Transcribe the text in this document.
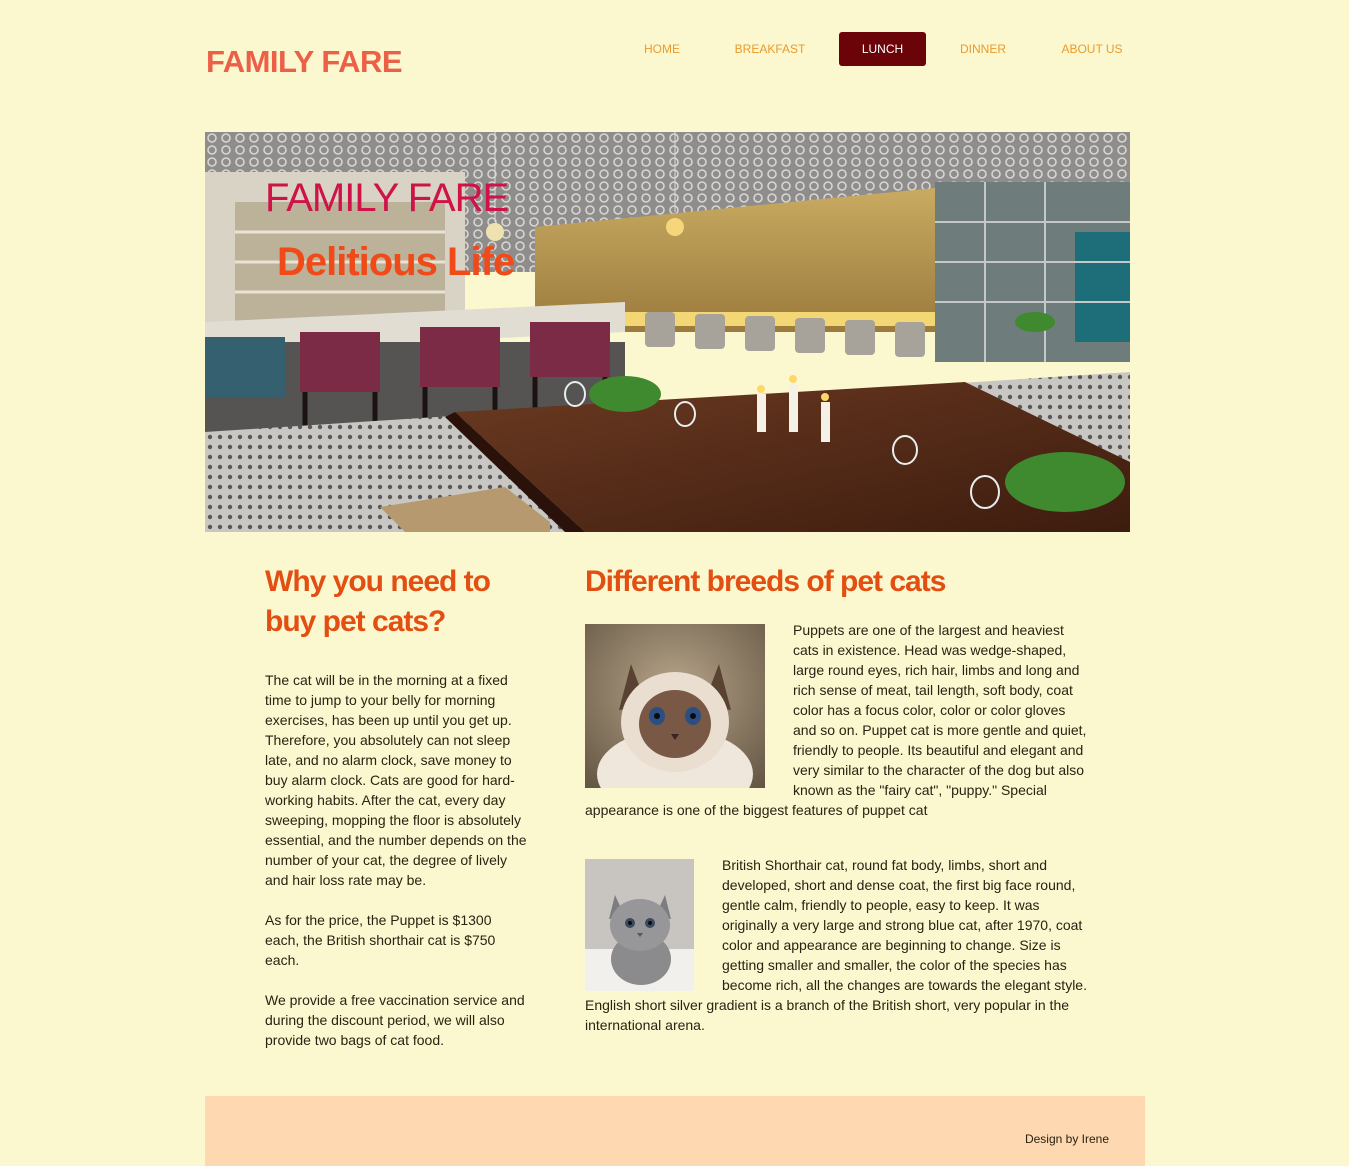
FAMILY FARE	HOME	BREAKFAST	LUNCH	DINNER	ABOUT US
FAMILY FARE
Delitious Life
Why you need to buy pet cats?

The cat will be in the morning at a fixed time to jump to your belly for morning exercises, has been up until you get up. Therefore, you absolutely can not sleep late, and no alarm clock, save money to buy alarm clock. Cats are good for hard-working habits. After the cat, every day sweeping, mopping the floor is absolutely essential, and the number depends on the number of your cat, the degree of lively and hair loss rate may be.

As for the price, the Puppet is $1300 each, the British shorthair cat is $750 each.

We provide a free vaccination service and during the discount period, we will also provide two bags of cat food.

Different breeds of pet cats

Puppets are one of the largest and heaviest cats in existence. Head was wedge-shaped, large round eyes, rich hair, limbs and long and rich sense of meat, tail length, soft body, coat color has a focus color, color or color gloves and so on. Puppet cat is more gentle and quiet, friendly to people. Its beautiful and elegant and very similar to the character of the dog but also known as the "fairy cat", "puppy." Special appearance is one of the biggest features of puppet cat

British Shorthair cat, round fat body, limbs, short and developed, short and dense coat, the first big face round, gentle calm, friendly to people, easy to keep. It was originally a very large and strong blue cat, after 1970, coat color and appearance are beginning to change. Size is getting smaller and smaller, the color of the species has become rich, all the changes are towards the elegant style. English short silver gradient is a branch of the British short, very popular in the international arena.

Design by Irene
